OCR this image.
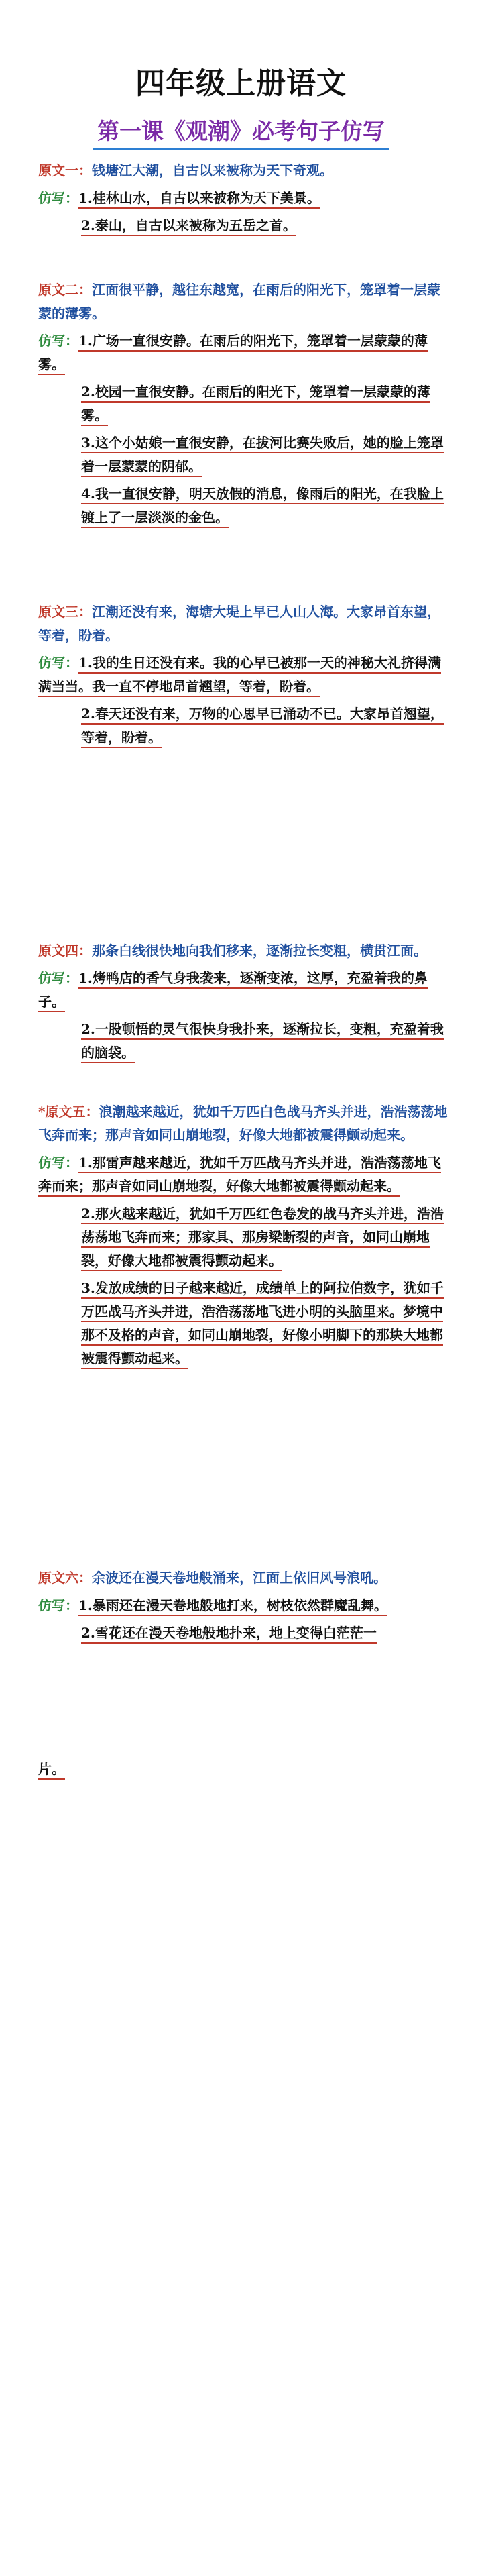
四年级上册语文
第一课《观潮》必考句子仿写
原文一：钱塘江大潮，自古以来被称为天下奇观。
仿写：1.桂林山水，自古以来被称为天下美景。
2.泰山，自古以来被称为五岳之首。
原文二：江面很平静，越往东越宽，在雨后的阳光下，笼罩着一层蒙蒙的薄雾。
仿写：1.广场一直很安静。在雨后的阳光下，笼罩着一层蒙蒙的薄雾。
2.校园一直很安静。在雨后的阳光下，笼罩着一层蒙蒙的薄雾。
3.这个小姑娘一直很安静，在拔河比赛失败后，她的脸上笼罩着一层蒙蒙的阴郁。
4.我一直很安静，明天放假的消息，像雨后的阳光，在我脸上镀上了一层淡淡的金色。
原文三：江潮还没有来，海塘大堤上早已人山人海。大家昂首东望，等着，盼着。
仿写：1.我的生日还没有来。我的心早已被那一天的神秘大礼挤得满满当当。我一直不停地昂首翘望，等着，盼着。
2.春天还没有来，万物的心思早已涌动不已。大家昂首翘望，等着，盼着。
原文四：那条白线很快地向我们移来，逐渐拉长变粗，横贯江面。
仿写：1.烤鸭店的香气身我袭来，逐渐变浓，这厚，充盈着我的鼻子。
2.一股顿悟的灵气很快身我扑来，逐渐拉长，变粗，充盈着我的脑袋。
*原文五：浪潮越来越近，犹如千万匹白色战马齐头并进，浩浩荡荡地飞奔而来；那声音如同山崩地裂，好像大地都被震得颤动起来。
仿写：1.那雷声越来越近，犹如千万匹战马齐头并进，浩浩荡荡地飞奔而来；那声音如同山崩地裂，好像大地都被震得颤动起来。
2.那火越来越近，犹如千万匹红色卷发的战马齐头并进，浩浩荡荡地飞奔而来；那家具、那房梁断裂的声音，如同山崩地裂，好像大地都被震得颤动起来。
3.发放成绩的日子越来越近，成绩单上的阿拉伯数字，犹如千万匹战马齐头并进，浩浩荡荡地飞进小明的头脑里来。梦境中那不及格的声音，如同山崩地裂，好像小明脚下的那块大地都被震得颤动起来。
原文六：余波还在漫天卷地般涌来，江面上依旧风号浪吼。
仿写：1.暴雨还在漫天卷地般地打来，树枝依然群魔乱舞。
2.雪花还在漫天卷地般地扑来，地上变得白茫茫一
片。
